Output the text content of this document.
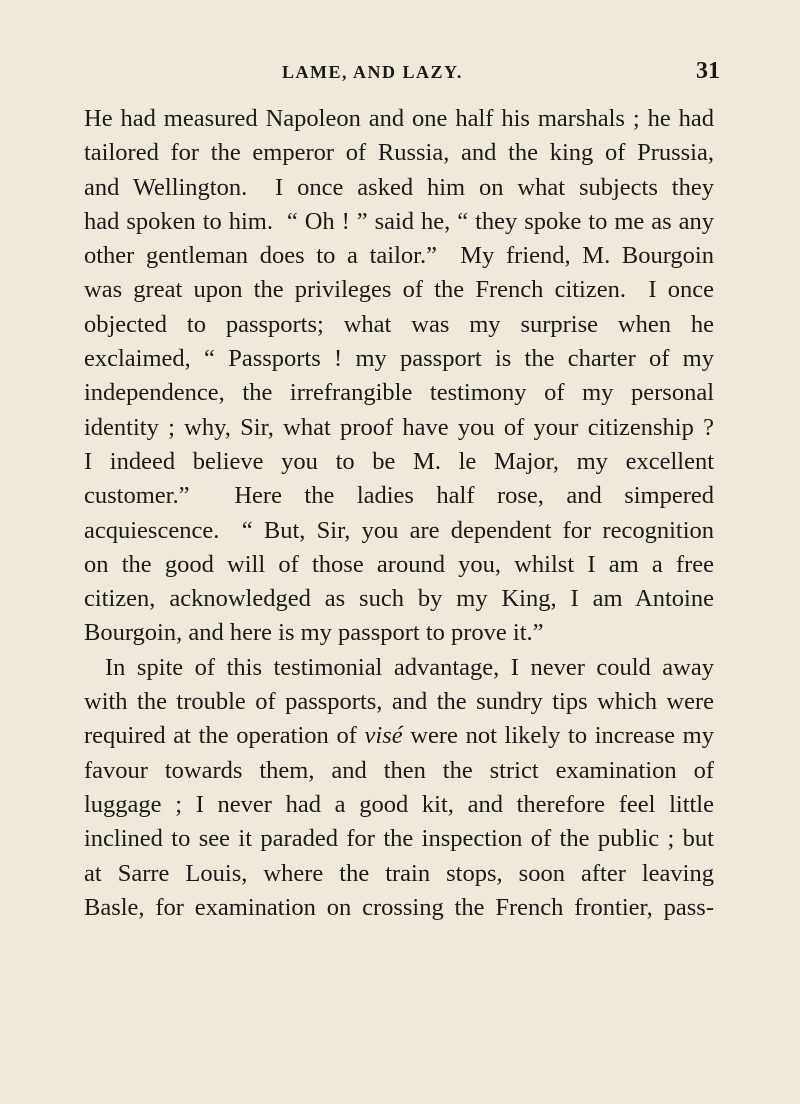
LAME, AND LAZY.	31
He had measured Napoleon and one half his marshals ; he had
tailored for the emperor of Russia, and the king of Prussia,
and Wellington.  I once asked him on what subjects they
had spoken to him.  “ Oh ! ” said he, “ they spoke to me as any
other gentleman does to a tailor.”  My friend, M. Bourgoin
was great upon the privileges of the French citizen.  I once
objected to passports; what was my surprise when he
exclaimed, “ Passports ! my passport is the charter of my
independence, the irrefrangible testimony of my personal
identity ; why, Sir, what proof have you of your citizenship ?
I indeed believe you to be M. le Major, my excellent
customer.”  Here the ladies half rose, and simpered
acquiescence.  “ But, Sir, you are dependent for recognition
on the good will of those around you, whilst I am a free
citizen, acknowledged as such by my King, I am Antoine
Bourgoin, and here is my passport to prove it.”
In spite of this testimonial advantage, I never could away
with the trouble of passports, and the sundry tips which were
required at the operation of visé were not likely to increase my
favour towards them, and then the strict examination of
luggage ; I never had a good kit, and therefore feel little
inclined to see it paraded for the inspection of the public ; but
at Sarre Louis, where the train stops, soon after leaving
Basle, for examination on crossing the French frontier, pass-
